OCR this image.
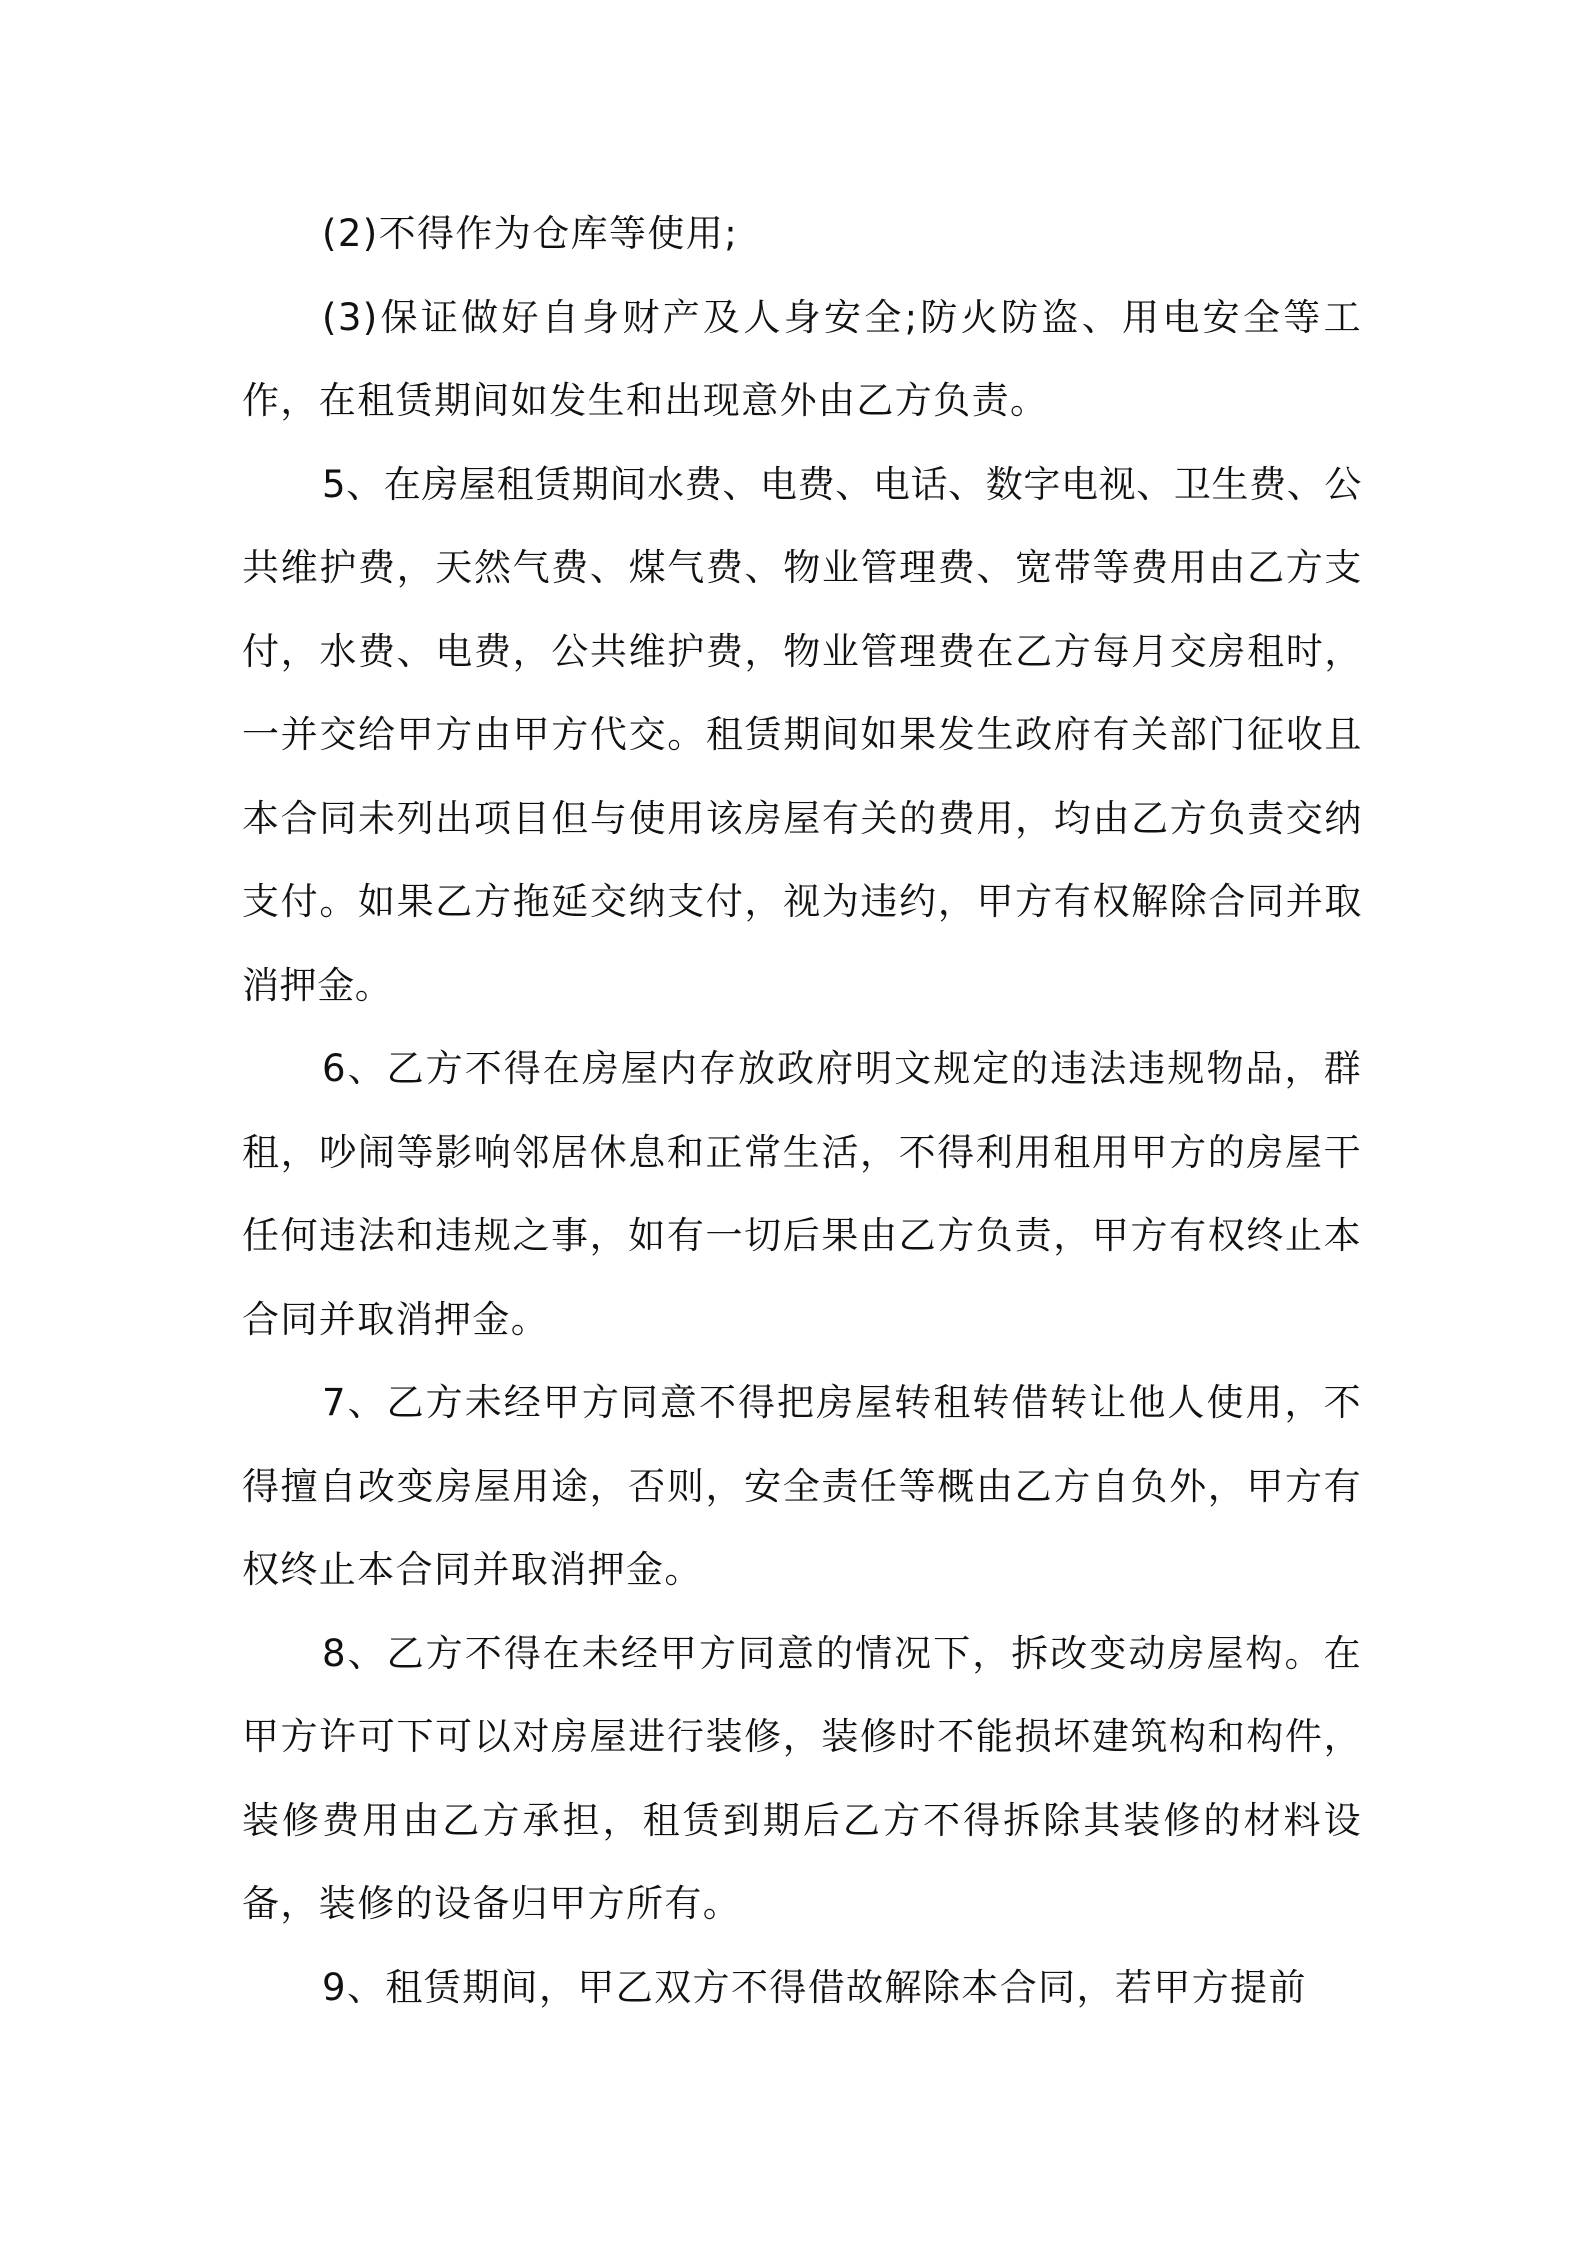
(2)不得作为仓库等使用;

(3)保证做好自身财产及人身安全;防火防盗、用电安全等工作，在租赁期间如发生和出现意外由乙方负责。

5、在房屋租赁期间水费、电费、电话、数字电视、卫生费、公共维护费，天然气费、煤气费、物业管理费、宽带等费用由乙方支付，水费、电费，公共维护费，物业管理费在乙方每月交房租时，一并交给甲方由甲方代交。租赁期间如果发生政府有关部门征收且本合同未列出项目但与使用该房屋有关的费用，均由乙方负责交纳支付。如果乙方拖延交纳支付，视为违约，甲方有权解除合同并取消押金。

6、乙方不得在房屋内存放政府明文规定的违法违规物品，群租，吵闹等影响邻居休息和正常生活，不得利用租用甲方的房屋干任何违法和违规之事，如有一切后果由乙方负责，甲方有权终止本合同并取消押金。

7、乙方未经甲方同意不得把房屋转租转借转让他人使用，不得擅自改变房屋用途，否则，安全责任等概由乙方自负外，甲方有权终止本合同并取消押金。

8、乙方不得在未经甲方同意的情况下，拆改变动房屋构。在甲方许可下可以对房屋进行装修，装修时不能损坏建筑构和构件，装修费用由乙方承担，租赁到期后乙方不得拆除其装修的材料设备，装修的设备归甲方所有。

9、租赁期间，甲乙双方不得借故解除本合同，若甲方提前
